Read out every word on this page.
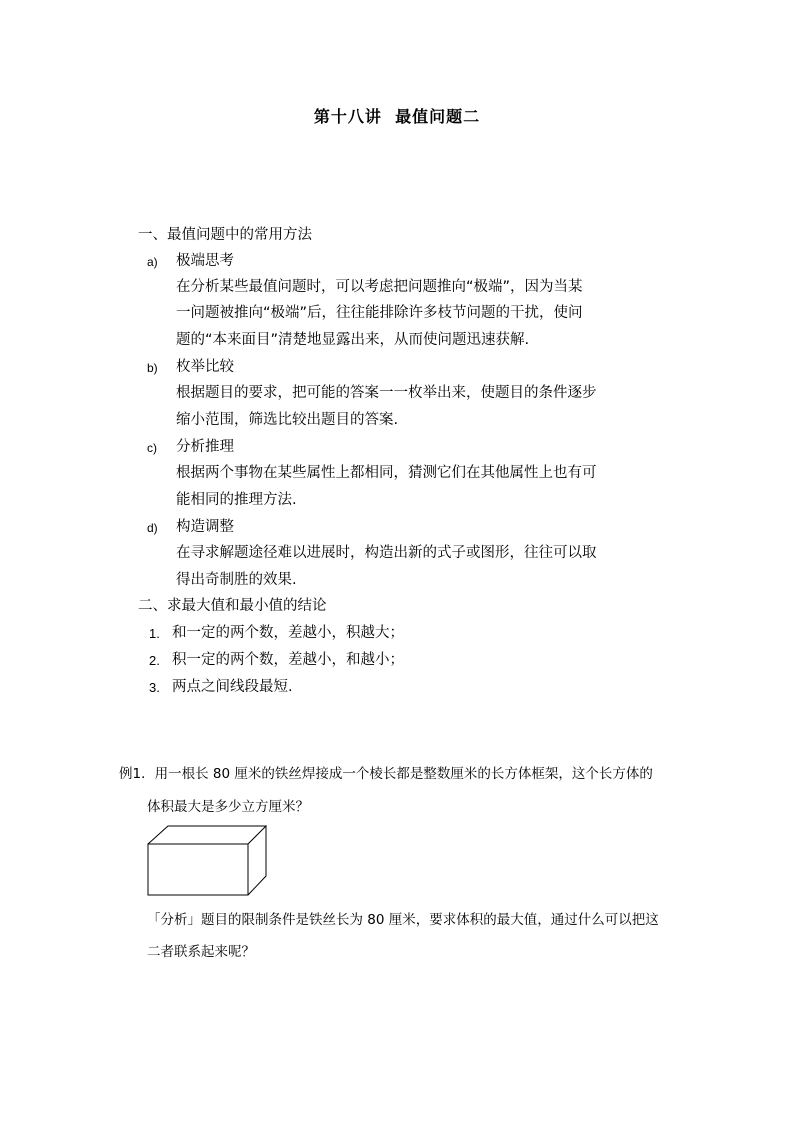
第十八讲  最值问题二
一、最值问题中的常用方法
a) 极端思考
在分析某些最值问题时，可以考虑把问题推向“极端”，因为当某
一问题被推向“极端”后，往往能排除许多枝节问题的干扰，使问
题的“本来面目”清楚地显露出来，从而使问题迅速获解.
b) 枚举比较
根据题目的要求，把可能的答案一一枚举出来，使题目的条件逐步
缩小范围，筛选比较出题目的答案.
c) 分析推理
根据两个事物在某些属性上都相同，猜测它们在其他属性上也有可
能相同的推理方法.
d) 构造调整
在寻求解题途径难以进展时，构造出新的式子或图形，往往可以取
得出奇制胜的效果.
二、求最大值和最小值的结论
1. 和一定的两个数，差越小，积越大；
2. 积一定的两个数，差越小，和越小；
3. 两点之间线段最短.
例1．用一根长 80 厘米的铁丝焊接成一个棱长都是整数厘米的长方体框架，这个长方体的
体积最大是多少立方厘米？
「分析」题目的限制条件是铁丝长为 80 厘米，要求体积的最大值，通过什么可以把这
二者联系起来呢？
